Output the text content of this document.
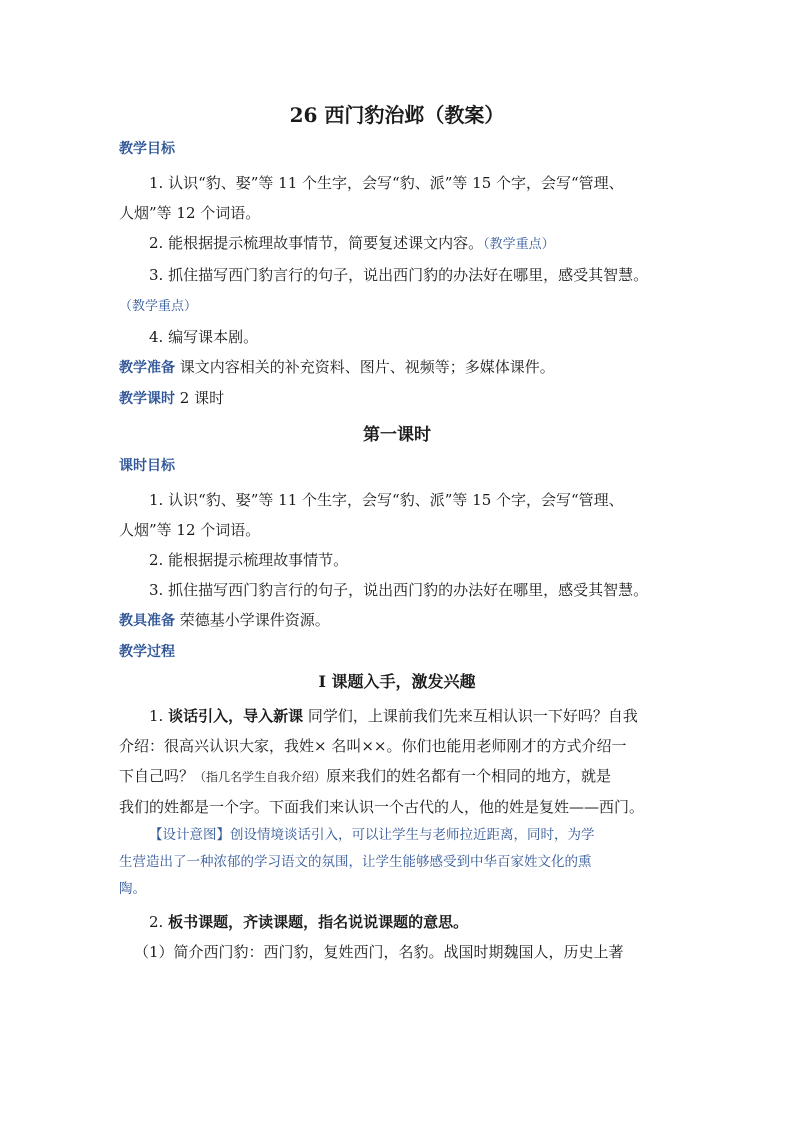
26 西门豹治邺（教案）
教学目标

1. 认识“豹、娶”等 11 个生字，会写“豹、派”等 15 个字，会写“管理、

人烟”等 12 个词语。

2. 能根据提示梳理故事情节，简要复述课文内容。（教学重点）

3. 抓住描写西门豹言行的句子，说出西门豹的办法好在哪里，感受其智慧。

（教学重点）

4. 编写课本剧。

教学准备 课文内容相关的补充资料、图片、视频等；多媒体课件。

教学课时 2 课时

第一课时
课时目标

1. 认识“豹、娶”等 11 个生字，会写“豹、派”等 15 个字，会写“管理、

人烟”等 12 个词语。

2. 能根据提示梳理故事情节。

3. 抓住描写西门豹言行的句子，说出西门豹的办法好在哪里，感受其智慧。

教具准备 荣德基小学课件资源。

教学过程

Ⅰ 课题入手，激发兴趣

1. 谈话引入，导入新课 同学们，上课前我们先来互相认识一下好吗？自我

介绍：很高兴认识大家，我姓× 名叫××。你们也能用老师刚才的方式介绍一

下自己吗？（指几名学生自我介绍）原来我们的姓名都有一个相同的地方，就是

我们的姓都是一个字。下面我们来认识一个古代的人，他的姓是复姓——西门。

【设计意图】创设情境谈话引入，可以让学生与老师拉近距离，同时，为学

生营造出了一种浓郁的学习语文的氛围，让学生能够感受到中华百家姓文化的熏

陶。

2. 板书课题，齐读课题，指名说说课题的意思。

（1）简介西门豹：西门豹，复姓西门，名豹。战国时期魏国人，历史上著
